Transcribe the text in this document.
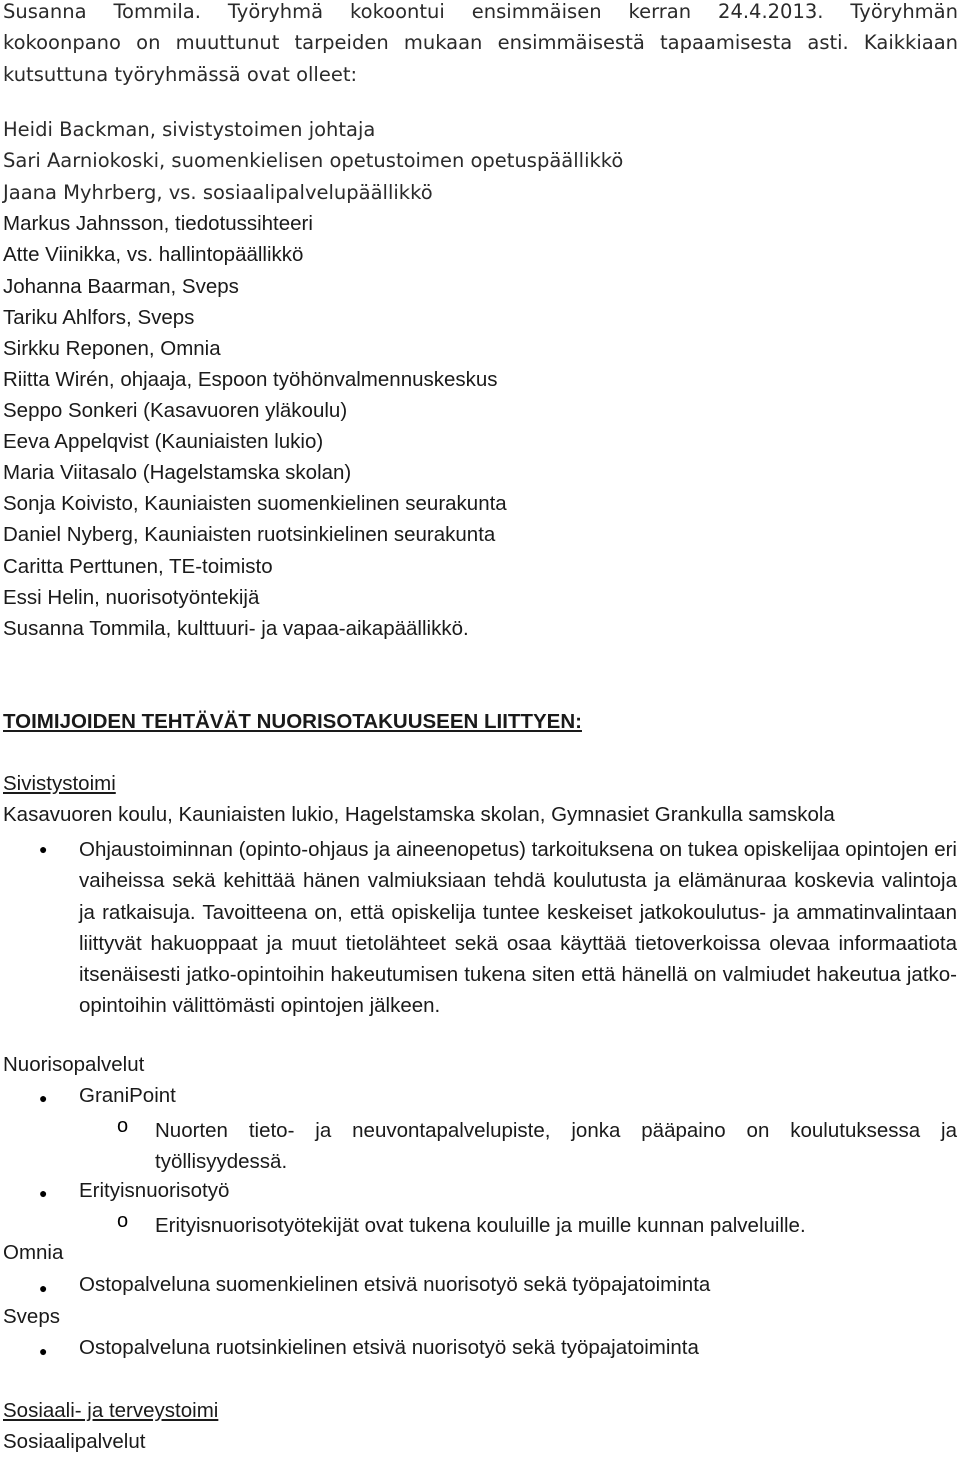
Susanna Tommila. Työryhmä kokoontui ensimmäisen kerran 24.4.2013. Työryhmän
kokoonpano on muuttunut tarpeiden mukaan ensimmäisestä tapaamisesta asti. Kaikkiaan
kutsuttuna työryhmässä ovat olleet:
Heidi Backman, sivistystoimen johtaja
Sari Aarniokoski, suomenkielisen opetustoimen opetuspäällikkö
Jaana Myhrberg, vs. sosiaalipalvelupäällikkö
Markus Jahnsson, tiedotussihteeri
Atte Viinikka, vs. hallintopäällikkö
Johanna Baarman, Sveps
Tariku Ahlfors, Sveps
Sirkku Reponen, Omnia
Riitta Wirén, ohjaaja, Espoon työhönvalmennuskeskus
Seppo Sonkeri (Kasavuoren yläkoulu)
Eeva Appelqvist (Kauniaisten lukio)
Maria Viitasalo (Hagelstamska skolan)
Sonja Koivisto, Kauniaisten suomenkielinen seurakunta
Daniel Nyberg, Kauniaisten ruotsinkielinen seurakunta
Caritta Perttunen, TE-toimisto
Essi Helin, nuorisotyöntekijä
Susanna Tommila, kulttuuri- ja vapaa-aikapäällikkö.
TOIMIJOIDEN TEHTÄVÄT NUORISOTAKUUSEEN LIITTYEN:
Sivistystoimi
Kasavuoren koulu, Kauniaisten lukio, Hagelstamska skolan, Gymnasiet Grankulla samskola
●
Ohjaustoiminnan (opinto-ohjaus ja aineenopetus) tarkoituksena on tukea opiskelijaa opintojen eri vaiheissa sekä kehittää hänen valmiuksiaan tehdä koulutusta ja elämänuraa koskevia valintoja ja ratkaisuja. Tavoitteena on, että opiskelija tuntee keskeiset jatkokoulutus- ja ammatinvalintaan liittyvät hakuoppaat ja muut tietolähteet sekä osaa käyttää tietoverkoissa olevaa informaatiota itsenäisesti jatko-opintoihin hakeutumisen tukena siten että hänellä on valmiudet hakeutua jatko-opintoihin välittömästi opintojen jälkeen.
Nuorisopalvelut
●
GraniPoint
o Nuorten tieto- ja neuvontapalvelupiste, jonka pääpaino on koulutuksessa ja työllisyydessä.
●
Erityisnuorisotyö
o Erityisnuorisotyötekijät ovat tukena kouluille ja muille kunnan palveluille.
Omnia
●
Ostopalveluna suomenkielinen etsivä nuorisotyö sekä työpajatoiminta
Sveps
●
Ostopalveluna ruotsinkielinen etsivä nuorisotyö sekä työpajatoiminta
Sosiaali- ja terveystoimi
Sosiaalipalvelut
